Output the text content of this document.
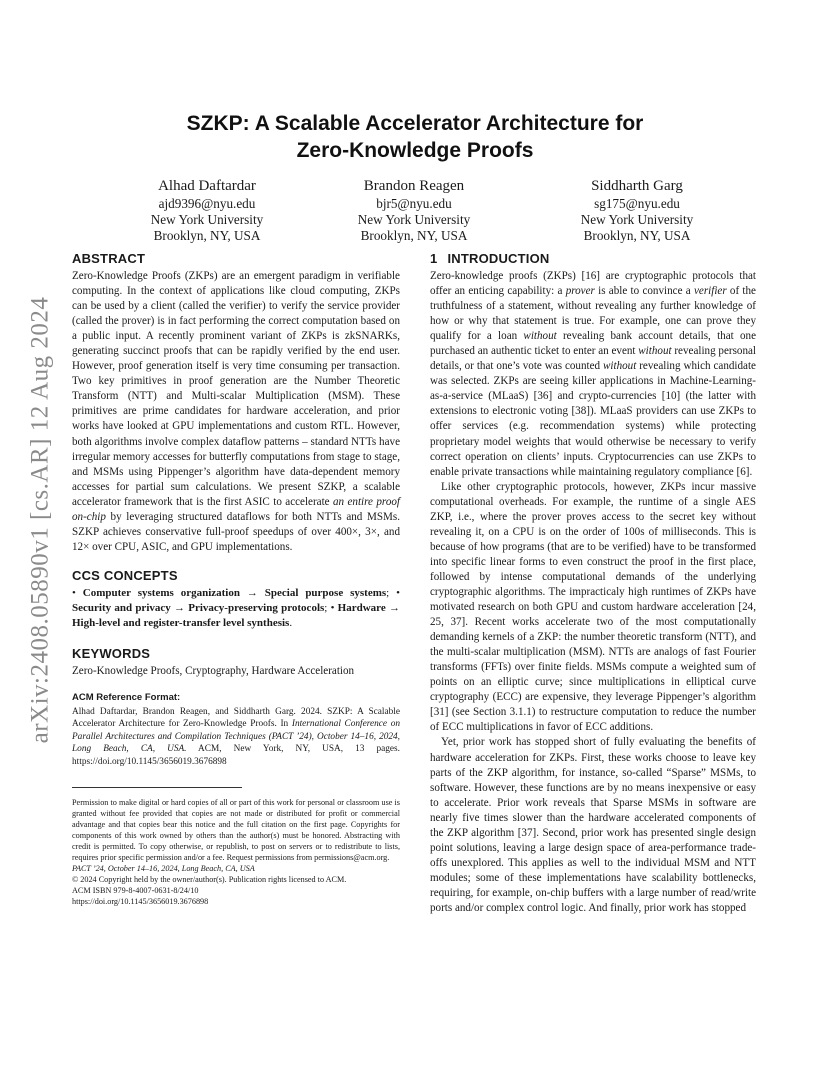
arXiv:2408.05890v1 [cs.AR] 12 Aug 2024
SZKP: A Scalable Accelerator Architecture for
Zero-Knowledge Proofs
Alhad Daftardar
ajd9396@nyu.edu
New York University
Brooklyn, NY, USA
Brandon Reagen
bjr5@nyu.edu
New York University
Brooklyn, NY, USA
Siddharth Garg
sg175@nyu.edu
New York University
Brooklyn, NY, USA
ABSTRACT

Zero-Knowledge Proofs (ZKPs) are an emergent paradigm in verifiable computing. In the context of applications like cloud computing, ZKPs can be used by a client (called the verifier) to verify the service provider (called the prover) is in fact performing the correct computation based on a public input. A recently prominent variant of ZKPs is zkSNARKs, generating succinct proofs that can be rapidly verified by the end user. However, proof generation itself is very time consuming per transaction. Two key primitives in proof generation are the Number Theoretic Transform (NTT) and Multi-scalar Multiplication (MSM). These primitives are prime candidates for hardware acceleration, and prior works have looked at GPU implementations and custom RTL. However, both algorithms involve complex dataflow patterns – standard NTTs have irregular memory accesses for butterfly computations from stage to stage, and MSMs using Pippenger’s algorithm have data-dependent memory accesses for partial sum calculations. We present SZKP, a scalable accelerator framework that is the first ASIC to accelerate an entire proof on-chip by leveraging structured dataflows for both NTTs and MSMs. SZKP achieves conservative full-proof speedups of over 400×, 3×, and 12× over CPU, ASIC, and GPU implementations.

CCS CONCEPTS
• Computer systems organization → Special purpose systems; • Security and privacy → Privacy-preserving protocols; • Hardware → High-level and register-transfer level synthesis.
KEYWORDS

Zero-Knowledge Proofs, Cryptography, Hardware Acceleration

ACM Reference Format:

Alhad Daftardar, Brandon Reagen, and Siddharth Garg. 2024. SZKP: A Scalable Accelerator Architecture for Zero-Knowledge Proofs. In International Conference on Parallel Architectures and Compilation Techniques (PACT ’24), October 14–16, 2024, Long Beach, CA, USA. ACM, New York, NY, USA, 13 pages. https://doi.org/10.1145/3656019.3676898

Permission to make digital or hard copies of all or part of this work for personal or classroom use is granted without fee provided that copies are not made or distributed for profit or commercial advantage and that copies bear this notice and the full citation on the first page. Copyrights for components of this work owned by others than the author(s) must be honored. Abstracting with credit is permitted. To copy otherwise, or republish, to post on servers or to redistribute to lists, requires prior specific permission and/or a fee. Request permissions from permissions@acm.org.

PACT ’24, October 14–16, 2024, Long Beach, CA, USA

© 2024 Copyright held by the owner/author(s). Publication rights licensed to ACM.

ACM ISBN 979-8-4007-0631-8/24/10

https://doi.org/10.1145/3656019.3676898

1 INTRODUCTION

Zero-knowledge proofs (ZKPs) [16] are cryptographic protocols that offer an enticing capability: a prover is able to convince a verifier of the truthfulness of a statement, without revealing any further knowledge of how or why that statement is true. For example, one can prove they qualify for a loan without revealing bank account details, that one purchased an authentic ticket to enter an event without revealing personal details, or that one’s vote was counted without revealing which candidate was selected. ZKPs are seeing killer applications in Machine-Learning-as-a-service (MLaaS) [36] and crypto-currencies [10] (the latter with extensions to electronic voting [38]). MLaaS providers can use ZKPs to offer services (e.g. recommendation systems) while protecting proprietary model weights that would otherwise be necessary to verify correct operation on clients’ inputs. Cryptocurrencies can use ZKPs to enable private transactions while maintaining regulatory compliance [6].

Like other cryptographic protocols, however, ZKPs incur massive computational overheads. For example, the runtime of a single AES ZKP, i.e., where the prover proves access to the secret key without revealing it, on a CPU is on the order of 100s of milliseconds. This is because of how programs (that are to be verified) have to be transformed into specific linear forms to even construct the proof in the first place, followed by intense computational demands of the underlying cryptographic algorithms. The impracticaly high runtimes of ZKPs have motivated research on both GPU and custom hardware acceleration [24, 25, 37]. Recent works accelerate two of the most computationally demanding kernels of a ZKP: the number theoretic transform (NTT), and the multi-scalar multiplication (MSM). NTTs are analogs of fast Fourier transforms (FFTs) over finite fields. MSMs compute a weighted sum of points on an elliptic curve; since multiplications in elliptical curve cryptography (ECC) are expensive, they leverage Pippenger’s algorithm [31] (see Section 3.1.1) to restructure computation to reduce the number of ECC multiplications in favor of ECC additions.

Yet, prior work has stopped short of fully evaluating the benefits of hardware acceleration for ZKPs. First, these works choose to leave key parts of the ZKP algorithm, for instance, so-called “Sparse” MSMs, to software. However, these functions are by no means inexpensive or easy to accelerate. Prior work reveals that Sparse MSMs in software are nearly five times slower than the hardware accelerated components of the ZKP algorithm [37]. Second, prior work has presented single design point solutions, leaving a large design space of area-performance trade-offs unexplored. This applies as well to the individual MSM and NTT modules; some of these implementations have scalability bottlenecks, requiring, for example, on-chip buffers with a large number of read/write ports and/or complex control logic. And finally, prior work has stopped
